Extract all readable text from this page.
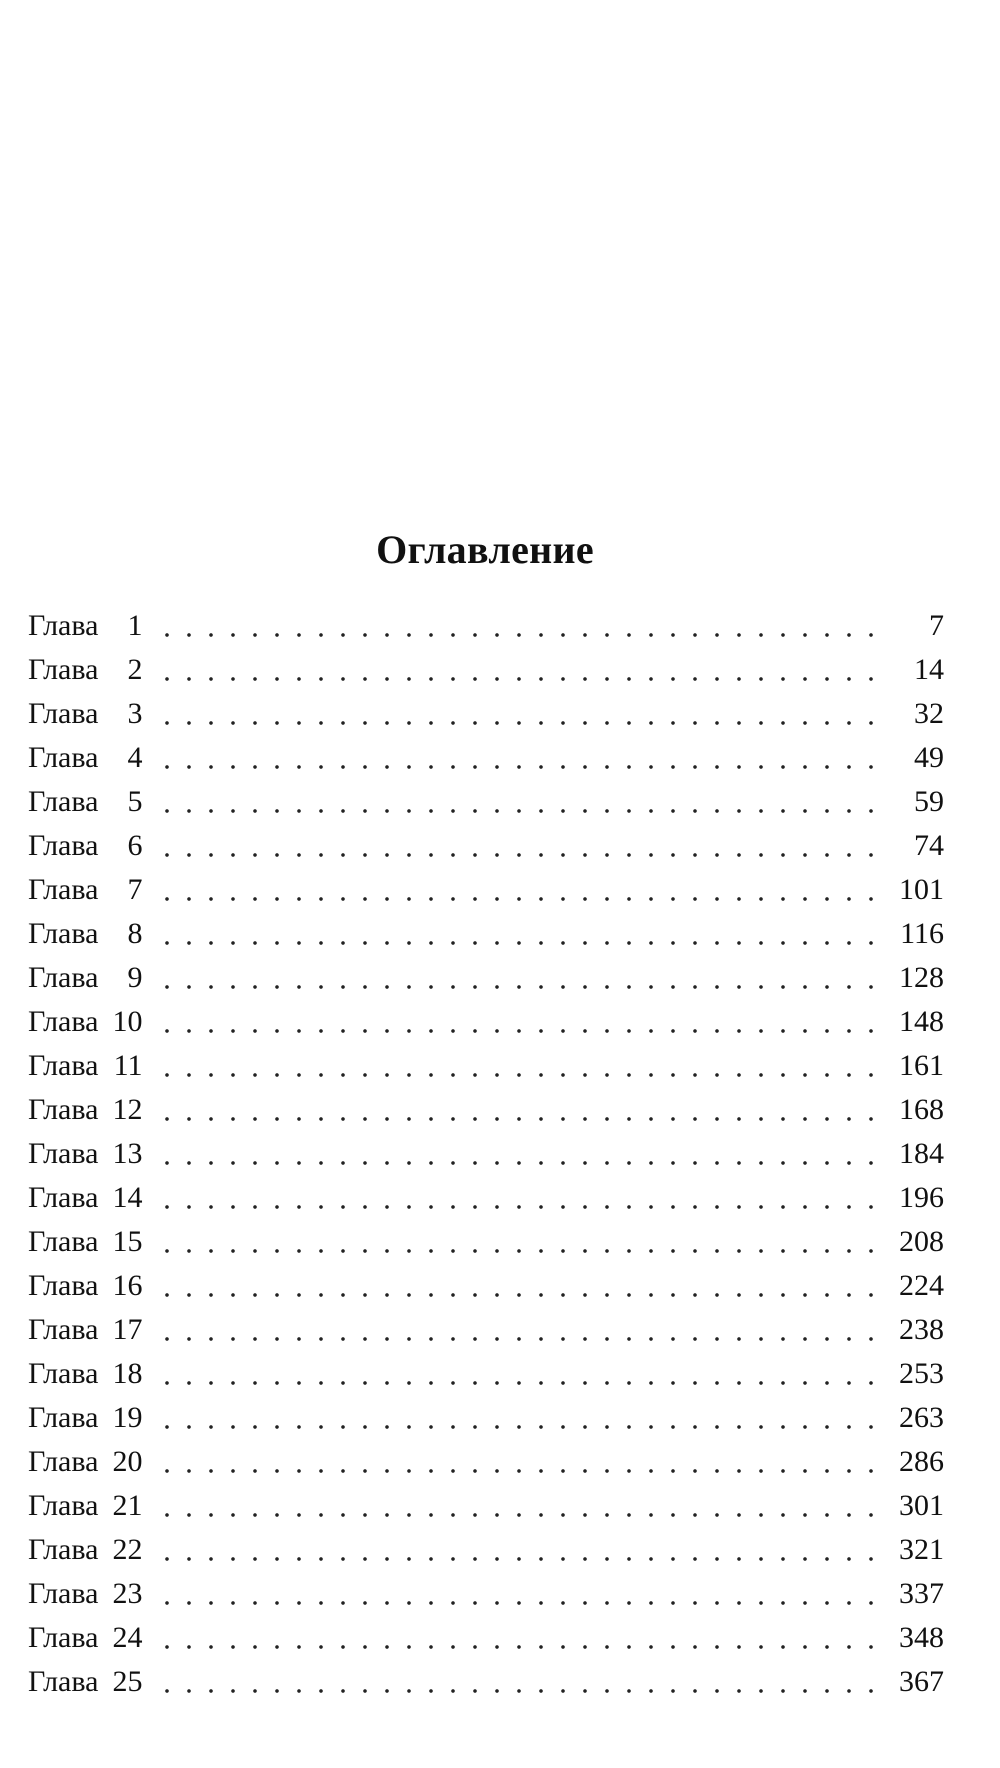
Оглавление
Глава 1	7
Глава 2	14
Глава 3	32
Глава 4	49
Глава 5	59
Глава 6	74
Глава 7	101
Глава 8	116
Глава 9	128
Глава 10	148
Глава 11	161
Глава 12	168
Глава 13	184
Глава 14	196
Глава 15	208
Глава 16	224
Глава 17	238
Глава 18	253
Глава 19	263
Глава 20	286
Глава 21	301
Глава 22	321
Глава 23	337
Глава 24	348
Глава 25	367
